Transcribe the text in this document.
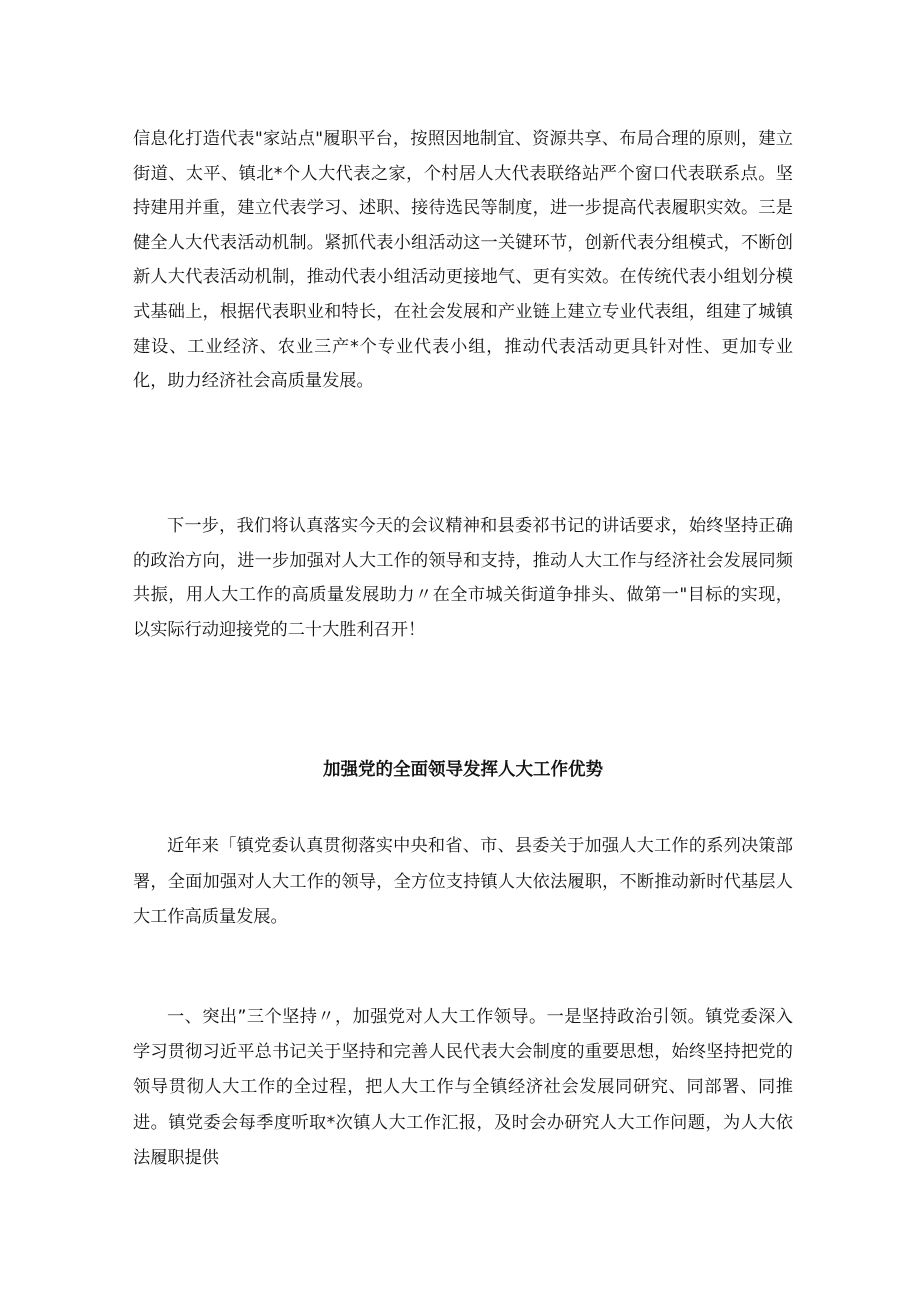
信息化打造代表"家站点"履职平台，按照因地制宜、资源共享、布局合理的原则，建立街道、太平、镇北*个人大代表之家，个村居人大代表联络站严个窗口代表联系点。坚持建用并重，建立代表学习、述职、接待选民等制度，进一步提高代表履职实效。三是健全人大代表活动机制。紧抓代表小组活动这一关键环节，创新代表分组模式，不断创新人大代表活动机制，推动代表小组活动更接地气、更有实效。在传统代表小组划分模式基础上，根据代表职业和特长，在社会发展和产业链上建立专业代表组，组建了城镇建设、工业经济、农业三产*个专业代表小组，推动代表活动更具针对性、更加专业化，助力经济社会高质量发展。

下一步，我们将认真落实今天的会议精神和县委祁书记的讲话要求，始终坚持正确的政治方向，进一步加强对人大工作的领导和支持，推动人大工作与经济社会发展同频共振，用人大工作的高质量发展助力〃在全市城关街道争排头、做第一"目标的实现，以实际行动迎接党的二十大胜利召开！

加强党的全面领导发挥人大工作优势

近年来「镇党委认真贯彻落实中央和省、市、县委关于加强人大工作的系列决策部署，全面加强对人大工作的领导，全方位支持镇人大依法履职，不断推动新时代基层人大工作高质量发展。

一、突出”三个坚持〃，加强党对人大工作领导。一是坚持政治引领。镇党委深入学习贯彻习近平总书记关于坚持和完善人民代表大会制度的重要思想，始终坚持把党的领导贯彻人大工作的全过程，把人大工作与全镇经济社会发展同研究、同部署、同推进。镇党委会每季度听取*次镇人大工作汇报，及时会办研究人大工作问题，为人大依法履职提供
